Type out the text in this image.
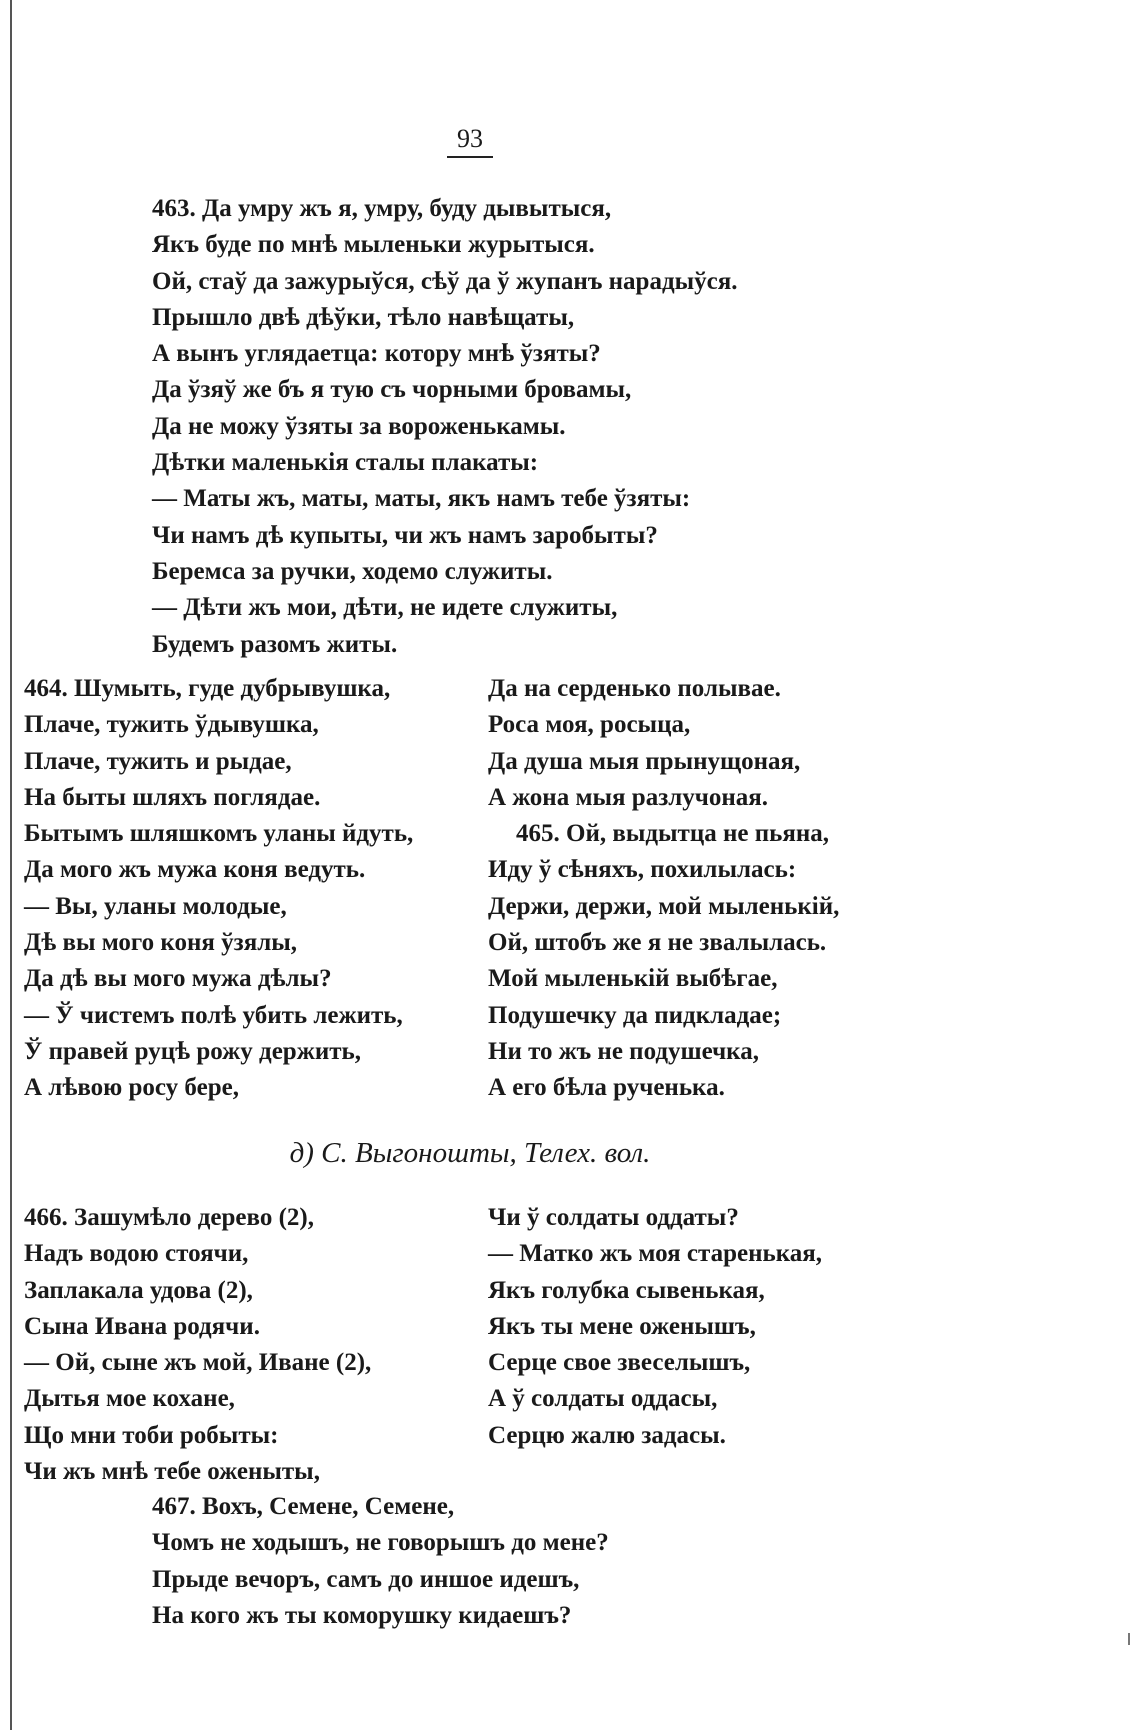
93
463. Да умру жъ я, умру, буду дывытыся,
Якъ буде по мнѣ мыленьки журытыся.
Ой, стаў да зажурыўся, сѣў да ў жупанъ нарадыўся.
Прышло двѣ дѣўки, тѣло навѣщаты,
А вынъ углядаетца: котору мнѣ ўзяты?
Да ўзяў же бъ я тую съ чорными бровамы,
Да не можу ўзяты за вороженькамы.
Дѣтки маленькія сталы плакаты:
— Маты жъ, маты, маты, якъ намъ тебе ўзяты:
Чи намъ дѣ купыты, чи жъ намъ заробыты?
Беремса за ручки, ходемо служиты.
— Дѣти жъ мои, дѣти, не идете служиты,
Будемъ разомъ житы.
464. Шумыть, гуде дубрывушка,
Плаче, тужить ўдывушка,
Плаче, тужить и рыдае,
На быты шляхъ поглядае.
Бытымъ шляшкомъ уланы йдуть,
Да мого жъ мужа коня ведуть.
— Вы, уланы молодые,
Дѣ вы мого коня ўзялы,
Да дѣ вы мого мужа дѣлы?
— Ў чистемъ полѣ убить лежить,
Ў правей руцѣ рожу держить,
А лѣвою росу бере,
Да на серденько полывае.
Роса моя, росыца,
Да душа мыя прынущоная,
А жона мыя разлучоная.
465. Ой, выдытца не пьяна,
Иду ў сѣняхъ, похилылась:
Держи, держи, мой мыленькій,
Ой, штобъ же я не звалылась.
Мой мыленькій выбѣгае,
Подушечку да пидкладае;
Ни то жъ не подушечка,
А его бѣла рученька.
д) С. Выгоношты, Телех. вол.
466. Зашумѣло дерево (2),
Надъ водою стоячи,
Заплакала удова (2),
Сына Ивана родячи.
— Ой, сыне жъ мой, Иване (2),
Дытья мое кохане,
Що мни тоби робыты:
Чи жъ мнѣ тебе оженыты,
Чи ў солдаты оддаты?
— Матко жъ моя старенькая,
Якъ голубка сывенькая,
Якъ ты мене оженышъ,
Серце свое звеселышъ,
А ў солдаты оддасы,
Серцю жалю задасы.
467. Вохъ, Семене, Семене,
Чомъ не ходышъ, не говорышъ до мене?
Прыде вечоръ, самъ до иншое идешъ,
На кого жъ ты коморушку кидаешъ?
